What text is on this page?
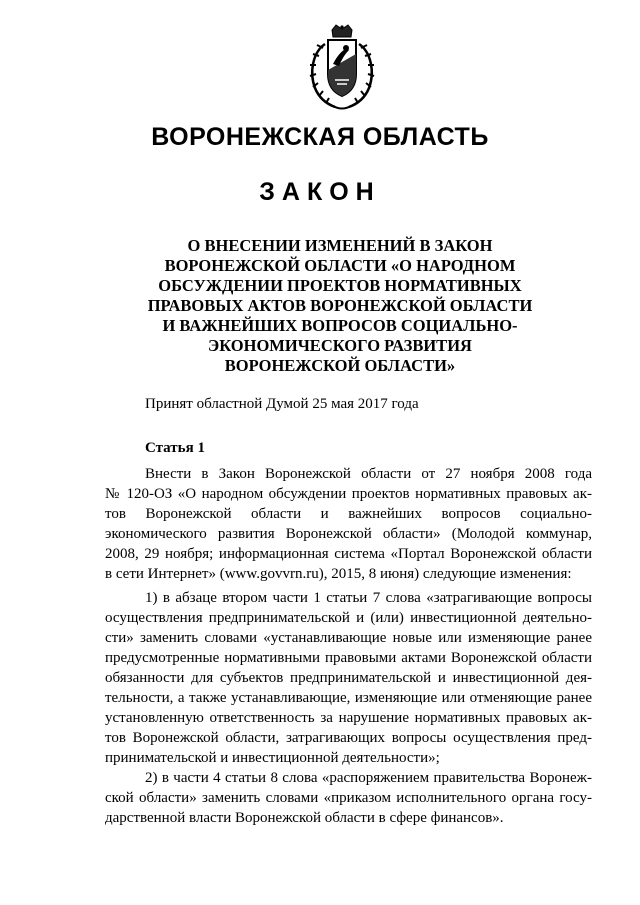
ВОРОНЕЖСКАЯ ОБЛАСТЬ
ЗАКОН
О ВНЕСЕНИИ ИЗМЕНЕНИЙ В ЗАКОН
ВОРОНЕЖСКОЙ ОБЛАСТИ «О НАРОДНОМ
ОБСУЖДЕНИИ ПРОЕКТОВ НОРМАТИВНЫХ
ПРАВОВЫХ АКТОВ ВОРОНЕЖСКОЙ ОБЛАСТИ
И ВАЖНЕЙШИХ ВОПРОСОВ СОЦИАЛЬНО-
ЭКОНОМИЧЕСКОГО РАЗВИТИЯ
ВОРОНЕЖСКОЙ ОБЛАСТИ»
Принят областной Думой 25 мая 2017 года
Статья 1
Внести в Закон Воронежской области от 27 ноября 2008 года
№ 120-ОЗ «О народном обсуждении проектов нормативных правовых ак-
тов Воронежской области и важнейших вопросов социально-
экономического развития Воронежской области» (Молодой коммунар,
2008, 29 ноября; информационная система «Портал Воронежской области
в сети Интернет» (www.govvrn.ru), 2015, 8 июня) следующие изменения:
1) в абзаце втором части 1 статьи 7 слова «затрагивающие вопросы
осуществления предпринимательской и (или) инвестиционной деятельно-
сти» заменить словами «устанавливающие новые или изменяющие ранее
предусмотренные нормативными правовыми актами Воронежской области
обязанности для субъектов предпринимательской и инвестиционной дея-
тельности, а также устанавливающие, изменяющие или отменяющие ранее
установленную ответственность за нарушение нормативных правовых ак-
тов Воронежской области, затрагивающих вопросы осуществления пред-
принимательской и инвестиционной деятельности»;
2) в части 4 статьи 8 слова «распоряжением правительства Воронеж-
ской области» заменить словами «приказом исполнительного органа госу-
дарственной власти Воронежской области в сфере финансов».
